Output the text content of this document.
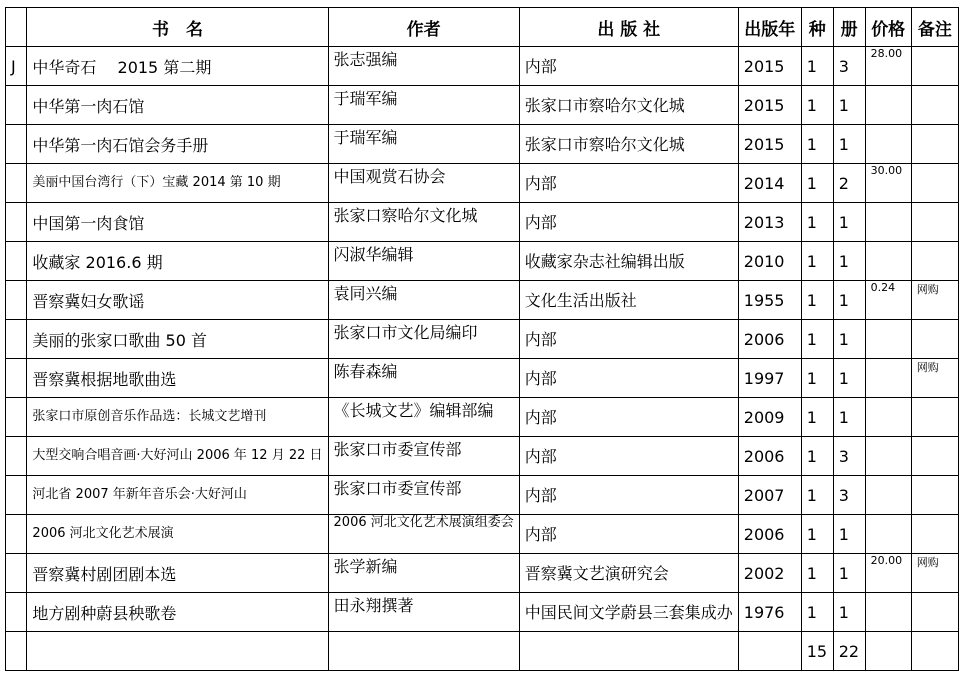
	书　名	作者	出 版 社	出版年	种	册	价格	备注
J	中华奇石　 2015 第二期	张志强编	内部	2015	1	3	28.00	
	中华第一肉石馆	于瑞军编	张家口市察哈尔文化城	2015	1	1		
	中华第一肉石馆会务手册	于瑞军编	张家口市察哈尔文化城	2015	1	1		
	美丽中国台湾行（下）宝藏 2014 第 10 期	中国观赏石协会	内部	2014	1	2	30.00	
	中国第一肉食馆	张家口察哈尔文化城	内部	2013	1	1		
	收藏家 2016.6 期	闪淑华编辑	收藏家杂志社编辑出版	2010	1	1		
	晋察冀妇女歌谣	袁同兴编	文化生活出版社	1955	1	1	0.24	网购
	美丽的张家口歌曲 50 首	张家口市文化局编印	内部	2006	1	1		
	晋察冀根据地歌曲选	陈春森编	内部	1997	1	1		网购
	张家口市原创音乐作品选：长城文艺增刊	《长城文艺》编辑部编	内部	2009	1	1		
	大型交响合唱音画·大好河山 2006 年 12 月 22 日	张家口市委宣传部	内部	2006	1	3		
	河北省 2007 年新年音乐会·大好河山	张家口市委宣传部	内部	2007	1	3		
	2006 河北文化艺术展演	2006 河北文化艺术展演组委会	内部	2006	1	1		
	晋察冀村剧团剧本选	张学新编	晋察冀文艺演研究会	2002	1	1	20.00	网购
	地方剧种蔚县秧歌卷	田永翔撰著	中国民间文学蔚县三套集成办	1976	1	1		
					15	22		
